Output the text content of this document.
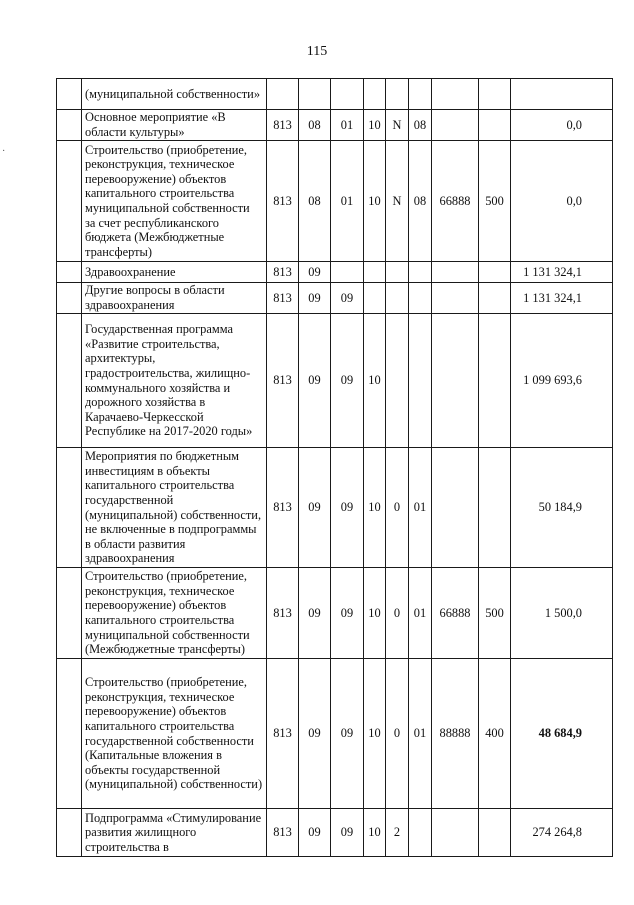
115
·
	(муниципальной собственности»									
	Основное мероприятие «В области культуры»	813	08	01	10	N	08			0,0
	Строительство (приобретение, реконструкция, техническое перевооружение) объектов капитального строительства муниципальной собственности за счет республиканского бюджета (Межбюджетные трансферты)	813	08	01	10	N	08	66888	500	0,0
	Здравоохранение	813	09							1 131 324,1
	Другие вопросы в области здравоохранения	813	09	09						1 131 324,1
	Государственная программа «Развитие строительства, архитектуры, градостроительства, жилищно-коммунального хозяйства и дорожного хозяйства в Карачаево-Черкесской Республике на 2017-2020 годы»	813	09	09	10					1 099 693,6
	Мероприятия по бюджетным инвестициям в объекты капитального строительства государственной (муниципальной) собственности, не включенные в подпрограммы в области развития здравоохранения	813	09	09	10	0	01			50 184,9
	Строительство (приобретение, реконструкция, техническое перевооружение) объектов капитального строительства муниципальной собственности (Межбюджетные трансферты)	813	09	09	10	0	01	66888	500	1 500,0
	Строительство (приобретение, реконструкция, техническое перевооружение) объектов капитального строительства государственной собственности (Капитальные вложения в объекты государственной (муниципальной) собственности)	813	09	09	10	0	01	88888	400	48 684,9
	Подпрограмма «Стимулирование развития жилищного строительства в	813	09	09	10	2				274 264,8
